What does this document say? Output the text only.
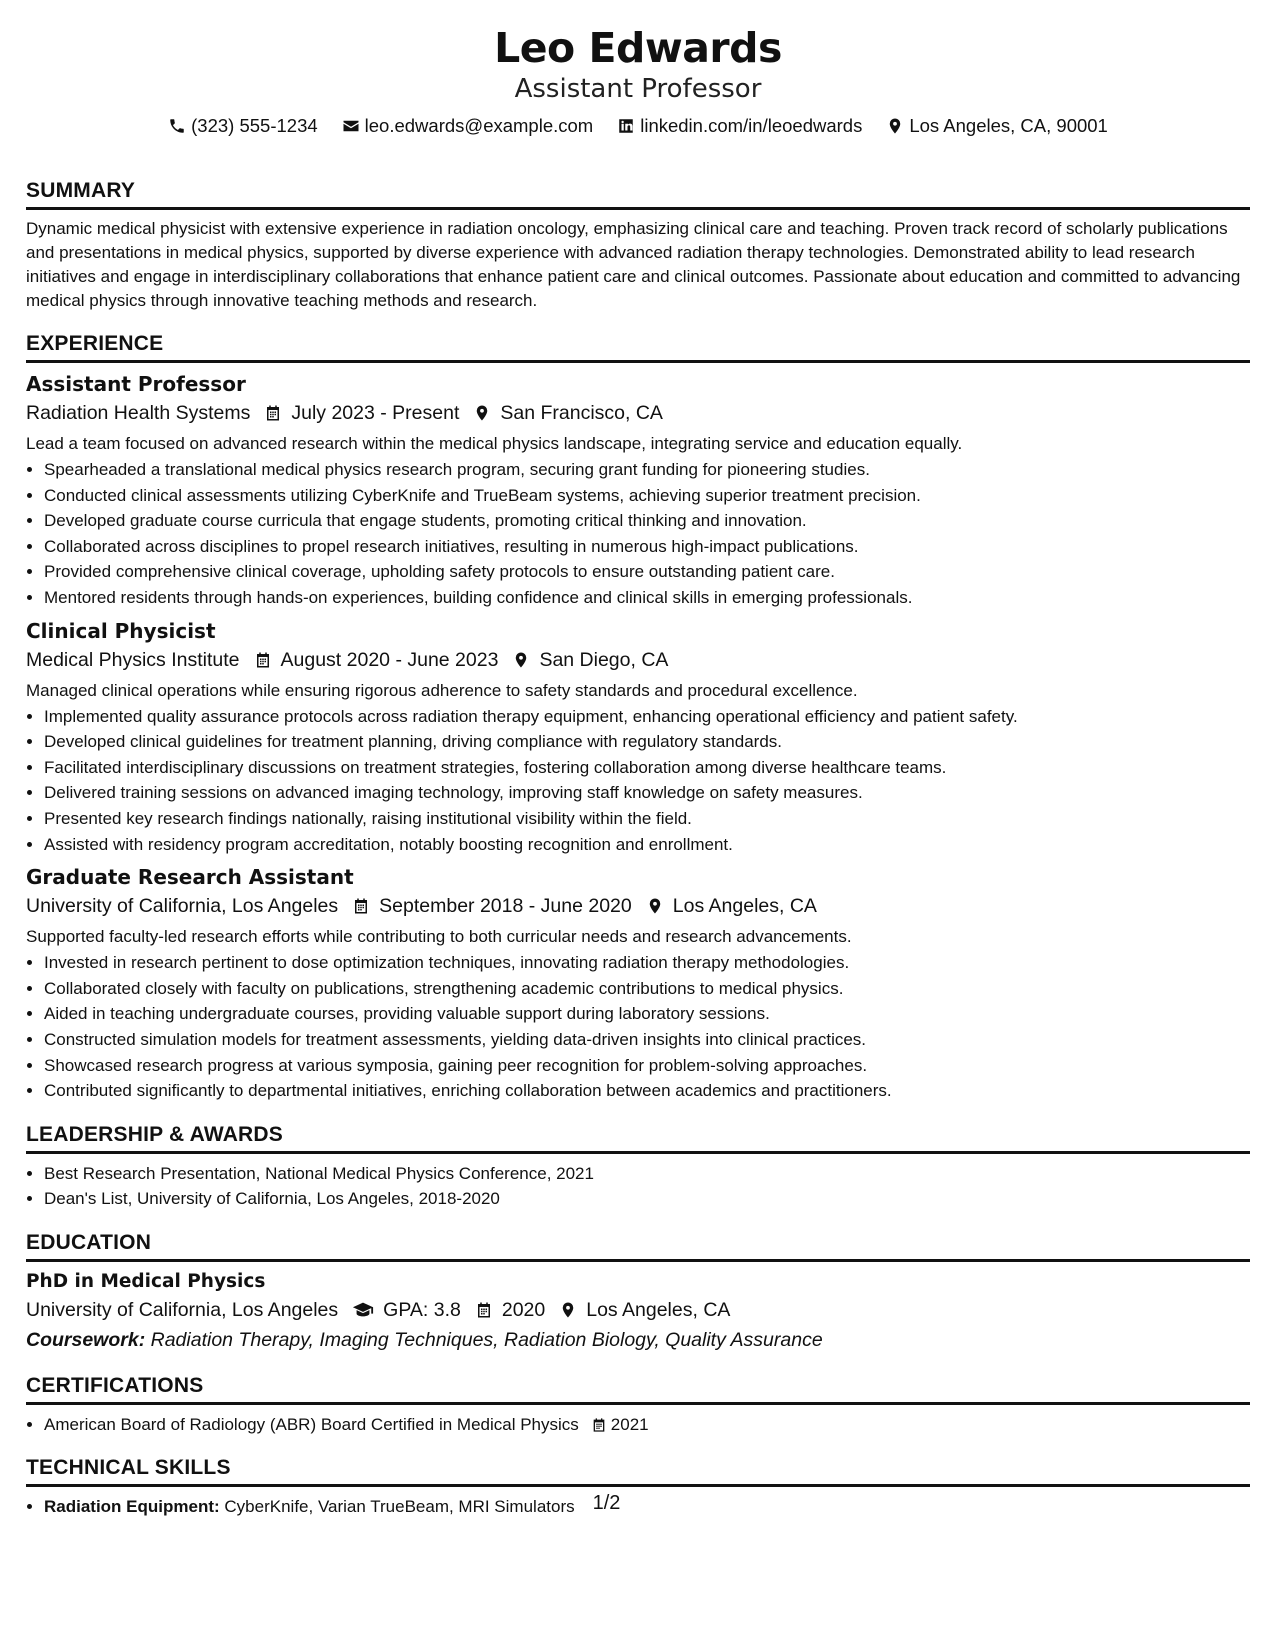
Leo Edwards
Assistant Professor
(323) 555-1234	leo.edwards@example.com	linkedin.com/in/leoedwards	Los Angeles, CA, 90001
SUMMARY

Dynamic medical physicist with extensive experience in radiation oncology, emphasizing clinical care and teaching. Proven track record of scholarly publications and presentations in medical physics, supported by diverse experience with advanced radiation therapy technologies. Demonstrated ability to lead research initiatives and engage in interdisciplinary collaborations that enhance patient care and clinical outcomes. Passionate about education and committed to advancing medical physics through innovative teaching methods and research.

EXPERIENCE
Assistant Professor
Radiation Health Systems July 2023 - Present San Francisco, CA
Lead a team focused on advanced research within the medical physics landscape, integrating service and education equally.
• Spearheaded a translational medical physics research program, securing grant funding for pioneering studies.
• Conducted clinical assessments utilizing CyberKnife and TrueBeam systems, achieving superior treatment precision.
• Developed graduate course curricula that engage students, promoting critical thinking and innovation.
• Collaborated across disciplines to propel research initiatives, resulting in numerous high-impact publications.
• Provided comprehensive clinical coverage, upholding safety protocols to ensure outstanding patient care.
• Mentored residents through hands-on experiences, building confidence and clinical skills in emerging professionals.
Clinical Physicist
Medical Physics Institute August 2020 - June 2023 San Diego, CA
Managed clinical operations while ensuring rigorous adherence to safety standards and procedural excellence.
• Implemented quality assurance protocols across radiation therapy equipment, enhancing operational efficiency and patient safety.
• Developed clinical guidelines for treatment planning, driving compliance with regulatory standards.
• Facilitated interdisciplinary discussions on treatment strategies, fostering collaboration among diverse healthcare teams.
• Delivered training sessions on advanced imaging technology, improving staff knowledge on safety measures.
• Presented key research findings nationally, raising institutional visibility within the field.
• Assisted with residency program accreditation, notably boosting recognition and enrollment.
Graduate Research Assistant
University of California, Los Angeles September 2018 - June 2020 Los Angeles, CA
Supported faculty-led research efforts while contributing to both curricular needs and research advancements.
• Invested in research pertinent to dose optimization techniques, innovating radiation therapy methodologies.
• Collaborated closely with faculty on publications, strengthening academic contributions to medical physics.
• Aided in teaching undergraduate courses, providing valuable support during laboratory sessions.
• Constructed simulation models for treatment assessments, yielding data-driven insights into clinical practices.
• Showcased research progress at various symposia, gaining peer recognition for problem-solving approaches.
• Contributed significantly to departmental initiatives, enriching collaboration between academics and practitioners.
LEADERSHIP & AWARDS
• Best Research Presentation, National Medical Physics Conference, 2021
• Dean's List, University of California, Los Angeles, 2018-2020
EDUCATION
PhD in Medical Physics
University of California, Los Angeles GPA: 3.8 2020 Los Angeles, CA
Coursework: Radiation Therapy, Imaging Techniques, Radiation Biology, Quality Assurance
CERTIFICATIONS
• American Board of Radiology (ABR) Board Certified in Medical Physics 2021
TECHNICAL SKILLS
• Radiation Equipment: CyberKnife, Varian TrueBeam, MRI Simulators 1/2
